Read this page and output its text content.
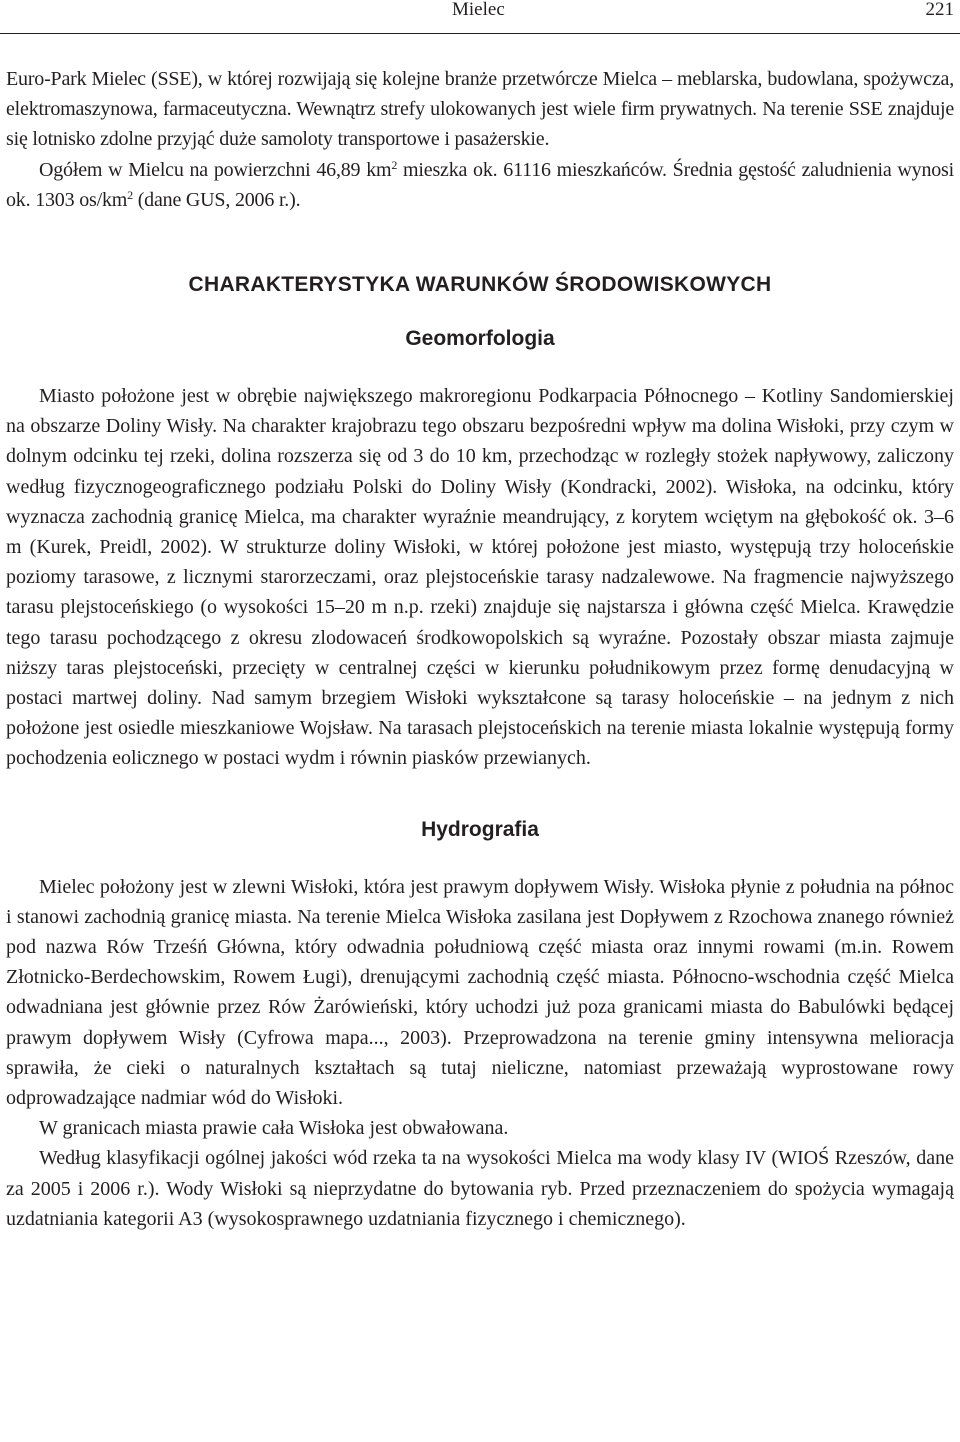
Mielec	221

Euro-Park Mielec (SSE), w której rozwijają się kolejne branże przetwórcze Mielca – meblarska, budowlana, spożywcza, elektromaszynowa, farmaceutyczna. Wewnątrz strefy ulokowanych jest wiele firm prywatnych. Na terenie SSE znajduje się lotnisko zdolne przyjąć duże samoloty transportowe i pasażerskie.

Ogółem w Mielcu na powierzchni 46,89 $km^2$ mieszka ok. 61116 mieszkańców. Średnia gęstość zaludnienia wynosi ok. 1303 $os/km^2$ (dane GUS, 2006 r.).

CHARAKTERYSTYKA WARUNKÓW ŚRODOWISKOWYCH
Geomorfologia

Miasto położone jest w obrębie największego makroregionu Podkarpacia Północnego – Kotliny Sandomierskiej na obszarze Doliny Wisły. Na charakter krajobrazu tego obszaru bezpośredni wpływ ma dolina Wisłoki, przy czym w dolnym odcinku tej rzeki, dolina rozszerza się od 3 do 10 km, przechodząc w rozległy stożek napływowy, zaliczony według fizycznogeograficznego podziału Polski do Doliny Wisły (Kondracki, 2002). Wisłoka, na odcinku, który wyznacza zachodnią granicę Mielca, ma charakter wyraźnie meandrujący, z korytem wciętym na głębokość ok. 3–6 m (Kurek, Preidl, 2002). W strukturze doliny Wisłoki, w której położone jest miasto, występują trzy holoceńskie poziomy tarasowe, z licznymi starorzeczami, oraz plejstoceńskie tarasy nadzalewowe. Na fragmencie najwyższego tarasu plejstoceńskiego (o wysokości 15–20 m n.p. rzeki) znajduje się najstarsza i główna część Mielca. Krawędzie tego tarasu pochodzącego z okresu zlodowaceń środkowopolskich są wyraźne. Pozostały obszar miasta zajmuje niższy taras plejstoceński, przecięty w centralnej części w kierunku południkowym przez formę denudacyjną w postaci martwej doliny. Nad samym brzegiem Wisłoki wykształcone są tarasy holoceńskie – na jednym z nich położone jest osiedle mieszkaniowe Wojsław. Na tarasach plejstoceńskich na terenie miasta lokalnie występują formy pochodzenia eolicznego w postaci wydm i równin piasków przewianych.

Hydrografia

Mielec położony jest w zlewni Wisłoki, która jest prawym dopływem Wisły. Wisłoka płynie z południa na północ i stanowi zachodnią granicę miasta. Na terenie Mielca Wisłoka zasilana jest Dopływem z Rzochowa znanego również pod nazwa Rów Trześń Główna, który odwadnia południową część miasta oraz innymi rowami (m.in. Rowem Złotnicko-Berdechowskim, Rowem Ługi), drenującymi zachodnią część miasta. Północno-wschodnia część Mielca odwadniana jest głównie przez Rów Żarówieński, który uchodzi już poza granicami miasta do Babulówki będącej prawym dopływem Wisły (Cyfrowa mapa..., 2003). Przeprowadzona na terenie gminy intensywna melioracja sprawiła, że cieki o naturalnych kształtach są tutaj nieliczne, natomiast przeważają wyprostowane rowy odprowadzające nadmiar wód do Wisłoki.

W granicach miasta prawie cała Wisłoka jest obwałowana.

Według klasyfikacji ogólnej jakości wód rzeka ta na wysokości Mielca ma wody klasy IV (WIOŚ Rzeszów, dane za 2005 i 2006 r.). Wody Wisłoki są nieprzydatne do bytowania ryb. Przed przeznaczeniem do spożycia wymagają uzdatniania kategorii A3 (wysokosprawnego uzdatniania fizycznego i chemicznego).
